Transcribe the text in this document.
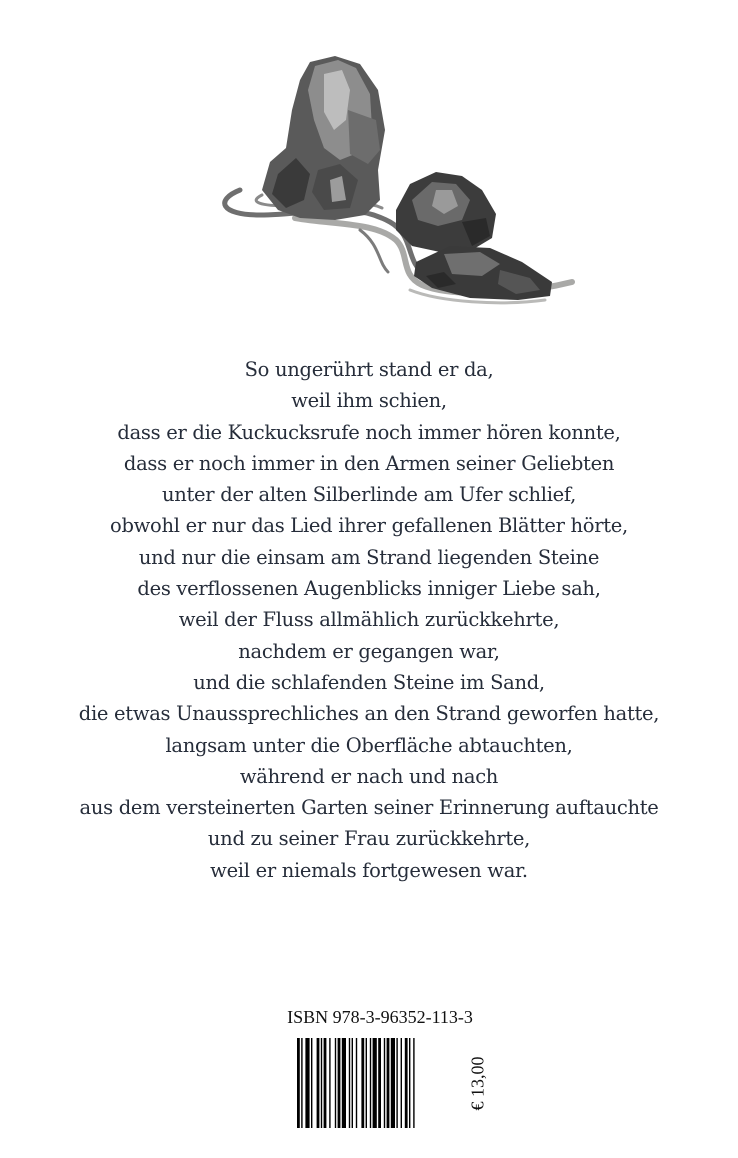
So ungerührt stand er da,
weil ihm schien,
dass er die Kuckucksrufe noch immer hören konnte,
dass er noch immer in den Armen seiner Geliebten
unter der alten Silberlinde am Ufer schlief,
obwohl er nur das Lied ihrer gefallenen Blätter hörte,
und nur die einsam am Strand liegenden Steine
des verflossenen Augenblicks inniger Liebe sah,
weil der Fluss allmählich zurückkehrte,
nachdem er gegangen war,
und die schlafenden Steine im Sand,
die etwas Unaussprechliches an den Strand geworfen hatte,
langsam unter die Oberfläche abtauchten,
während er nach und nach
aus dem versteinerten Garten seiner Erinnerung auftauchte
und zu seiner Frau zurückkehrte,
weil er niemals fortgewesen war.
ISBN 978-3-96352-113-3
€ 13,00
